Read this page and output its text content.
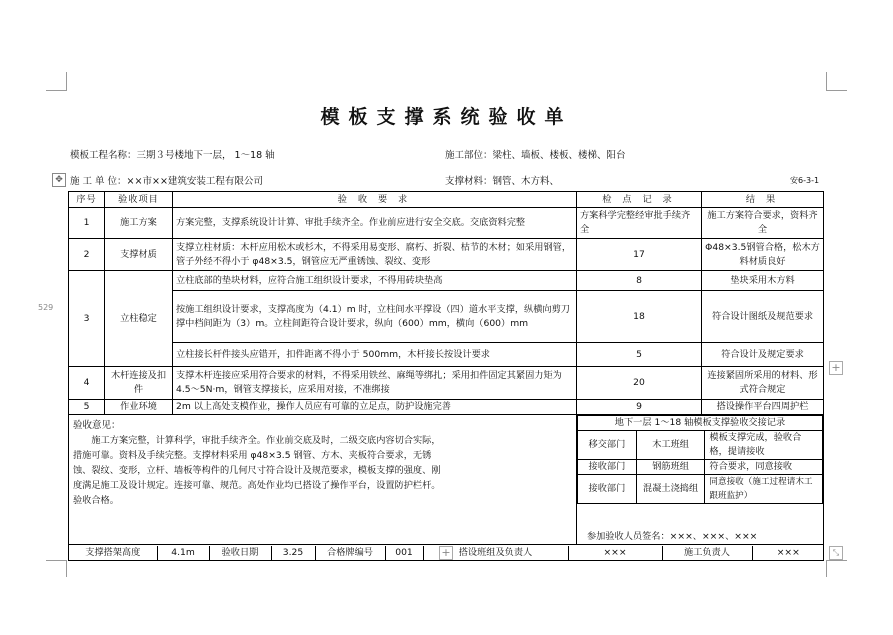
529
模板支撑系统验收单
模板工程名称：三期３号楼地下一层， 1～18 轴	施工部位：梁柱、墙板、楼板、楼梯、阳台
施 工 单 位：××市××建筑安装工程有限公司	支撑材料：钢管、木方料、	安6-3-1
✥
+
+	⤡
序号	验收项目	验 收 要 求	检 点 记 录	结 果
1	施工方案	方案完整，支撑系统设计计算、审批手续齐全。作业前应进行安全交底。交底资料完整	方案科学完整经审批手续齐全	施工方案符合要求，资料齐全
2	支撑材质	支撑立柱材质：木杆应用松木或杉木，不得采用易变形、腐朽、折裂、枯节的木材；如采用钢管，管子外经不得小于 φ48×3.5，钢管应无严重锈蚀、裂纹、变形	17	Φ48×3.5钢管合格，松木方料材质良好
3	立柱稳定	立柱底部的垫块材料，应符合施工组织设计要求，不得用砖块垫高	8	垫块采用木方料
按施工组织设计要求，支撑高度为（4.1）m 时，立柱间水平撑设（四）道水平支撑，纵横向剪刀撑中档间距为（3）m。立柱间距符合设计要求，纵向（600）mm，横向（600）mm	18	符合设计图纸及规范要求
立柱接长杆件接头应错开，扣件距离不得小于 500mm，木杆接长按设计要求	5	符合设计及规定要求
4	木杆连接及扣件	支撑木杆连接应采用符合要求的材料，不得采用铁丝、麻绳等绑扎；采用扣件固定其紧固力矩为 4.5～5N·m，钢管支撑接长，应采用对接，不准绑接	20	连接紧固所采用的材料、形式符合规定
5	作业环境	2m 以上高处支模作业，操作人员应有可靠的立足点，防护设施完善	9	搭设操作平台四周护栏

验收意见：
施工方案完整，计算科学，审批手续齐全。作业前交底及时，二级交底内容切合实际，措施可靠。资料及手续完整。支撑材料采用 φ48×3.5 钢管、方木、夹板符合要求，无锈蚀、裂纹、变形，立杆、墙板等构件的几何尺寸符合设计及规范要求，模板支撑的强度、刚度满足施工及设计规定。连接可靠、规范。高处作业均已搭设了操作平台，设置防护栏杆。验收合格。

地下一层 1～18 轴模板支撑验收交接记录
移交部门	木工班组	模板支撑完成，验收合格，提请接收
接收部门	钢筋班组	符合要求，同意接收
接收部门	混凝土浇捣组	同意接收（施工过程请木工跟班监护）
参加验收人员签名：×××、×××、×××

支撑搭架高度	4.1m	验收日期	3.25	合格牌编号	001	搭设班组及负责人	×××	施工负责人	×××
